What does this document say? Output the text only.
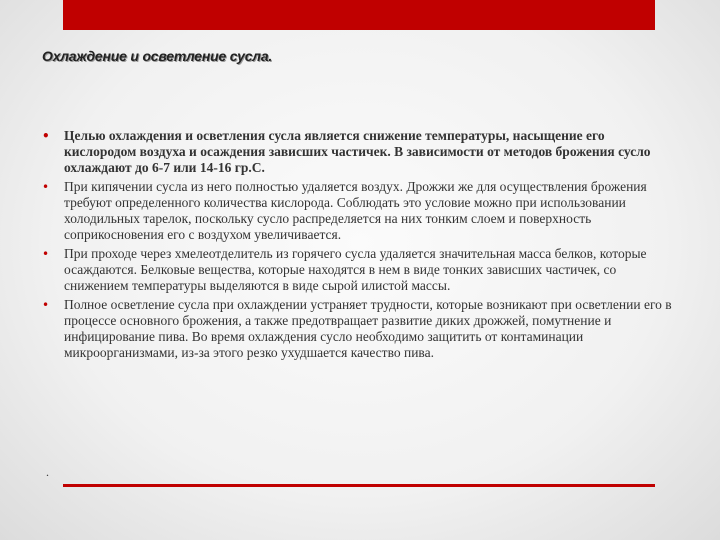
Охлаждение и осветление сусла.
•	Целью охлаждения и осветления сусла является снижение температуры, насыщение его кислородом воздуха и осаждения зависших частичек. В зависимости от методов брожения сусло охлаждают до 6-7 или 14-16 гр.С.
•	При кипячении сусла из него полностью удаляется воздух. Дрожжи же для осуществления брожения требуют определенного количества кислорода. Соблюдать это условие можно при использовании холодильных тарелок, поскольку сусло распределяется на них тонким слоем и поверхность соприкосновения его с воздухом увеличивается.
•	При проходе через хмелеотделитель из горячего сусла удаляется значительная масса белков, которые осаждаются. Белковые вещества, которые находятся в нем в виде тонких зависших частичек, со снижением температуры выделяются в виде сырой илистой массы.
•	Полное осветление сусла при охлаждении устраняет трудности, которые возникают при осветлении его в процессе основного брожения, а также предотвращает развитие диких дрожжей, помутнение и инфицирование пива. Во время охлаждения сусло необходимо защитить от контаминации микроорганизмами, из-за этого резко ухудшается качество пива.
.
